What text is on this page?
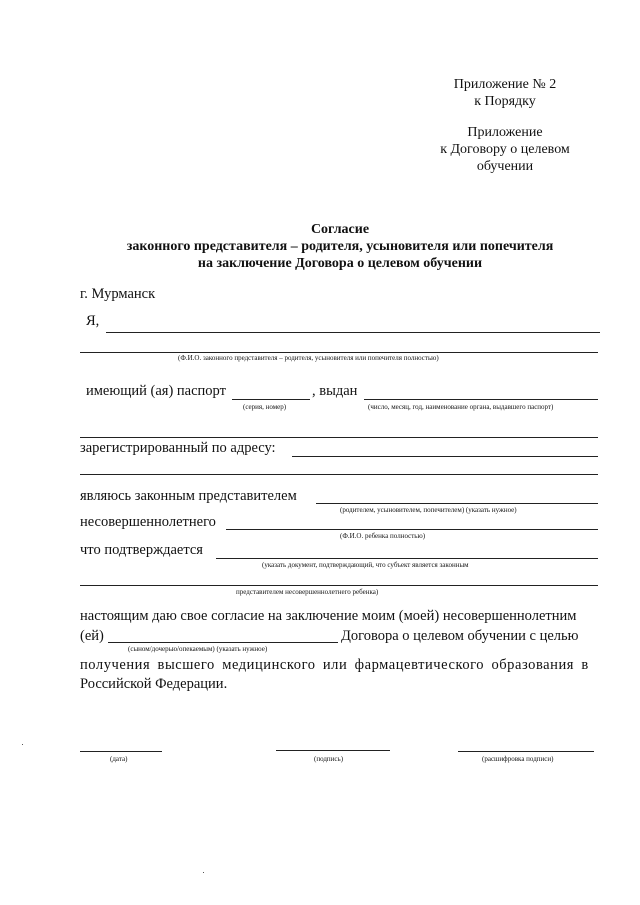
Приложение № 2
к Порядку
Приложение
к Договору о целевом
обучении
Согласие
законного представителя – родителя, усыновителя или попечителя
на заключение Договора о целевом обучении
г. Мурманск
Я,
(Ф.И.О. законного представителя – родителя, усыновителя или попечителя полностью)
имеющий (ая) паспорт	, выдан
(серия, номер)	(число, месяц, год, наименование органа, выдавшего паспорт)
зарегистрированный по адресу:
являюсь законным представителем
(родителем, усыновителем, попечителем) (указать нужное)
несовершеннолетнего
(Ф.И.О. ребенка полностью)
что подтверждается
(указать документ, подтверждающий, что субъект является законным
представителем несовершеннолетнего ребенка)
настоящим даю свое согласие на заключение моим (моей) несовершеннолетним
(ей)	Договора о целевом обучении с целью
(сыном/дочерью/опекаемым) (указать нужное)
получения высшего медицинского или фармацевтического образования в
Российской Федерации.
(дата)	(подпись)	(расшифровка подписи)
